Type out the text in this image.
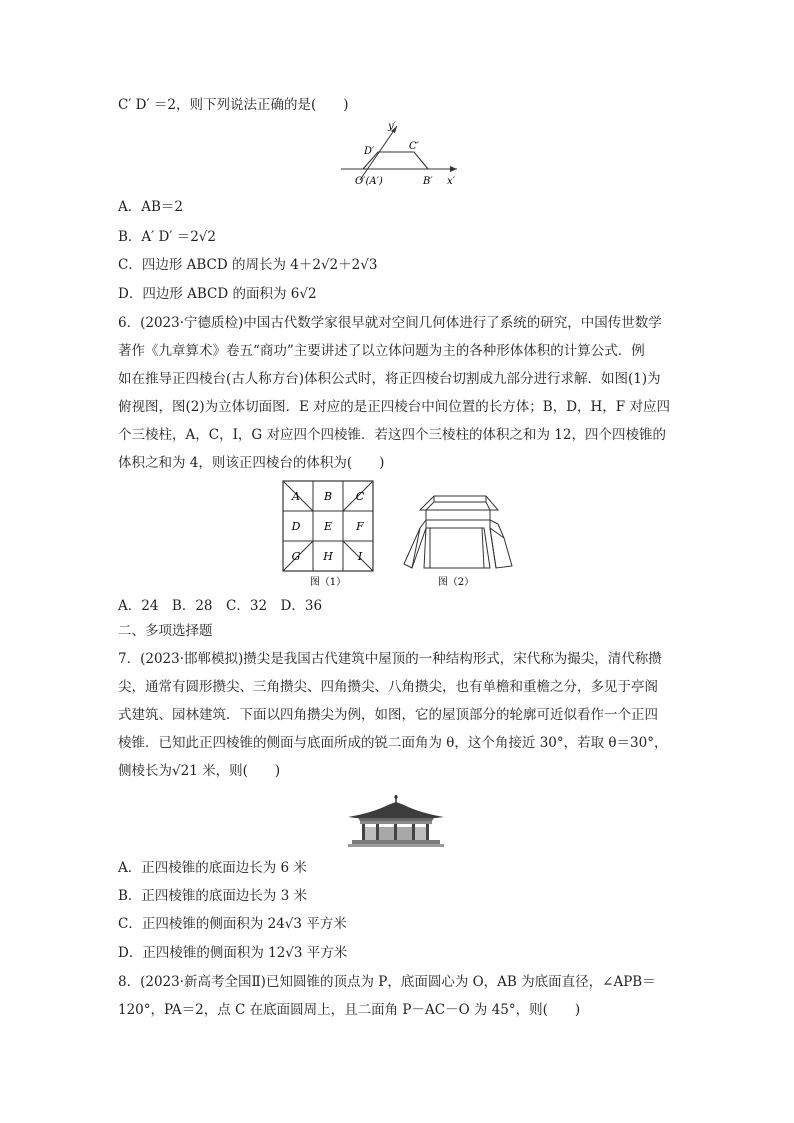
C′ D′ ＝2，则下列说法正确的是(　　)
y′
D′	C′
O′(A′)	B′ x′
A．AB＝2
B．A′ D′ ＝2√2
C．四边形 ABCD 的周长为 4＋2√2＋2√3
D．四边形 ABCD 的面积为 6√2
6．(2023·宁德质检)中国古代数学家很早就对空间几何体进行了系统的研究，中国传世数学
著作《九章算术》卷五“商功”主要讲述了以立体问题为主的各种形体体积的计算公式．例
如在推导正四棱台(古人称方台)体积公式时，将正四棱台切割成九部分进行求解．如图(1)为
俯视图，图(2)为立体切面图．E 对应的是正四棱台中间位置的长方体；B，D，H，F 对应四
个三棱柱，A，C，I，G 对应四个四棱锥．若这四个三棱柱的体积之和为 12，四个四棱锥的
体积之和为 4，则该正四棱台的体积为(　　)
A B C
D E F
G H I
图（1）	图（2）
A．24　B．28　C．32　D．36
二、多项选择题
7．(2023·邯郸模拟)攒尖是我国古代建筑中屋顶的一种结构形式，宋代称为撮尖，清代称攒
尖，通常有圆形攒尖、三角攒尖、四角攒尖、八角攒尖，也有单檐和重檐之分，多见于亭阁
式建筑、园林建筑．下面以四角攒尖为例，如图，它的屋顶部分的轮廓可近似看作一个正四
棱锥．已知此正四棱锥的侧面与底面所成的锐二面角为 θ，这个角接近 30°，若取 θ＝30°，
侧棱长为√21 米，则(　　)
A．正四棱锥的底面边长为 6 米
B．正四棱锥的底面边长为 3 米
C．正四棱锥的侧面积为 24√3 平方米
D．正四棱锥的侧面积为 12√3 平方米
8．(2023·新高考全国Ⅱ)已知圆锥的顶点为 P，底面圆心为 O，AB 为底面直径，∠APB＝
120°，PA＝2，点 C 在底面圆周上，且二面角 P－AC－O 为 45°，则(　　)
